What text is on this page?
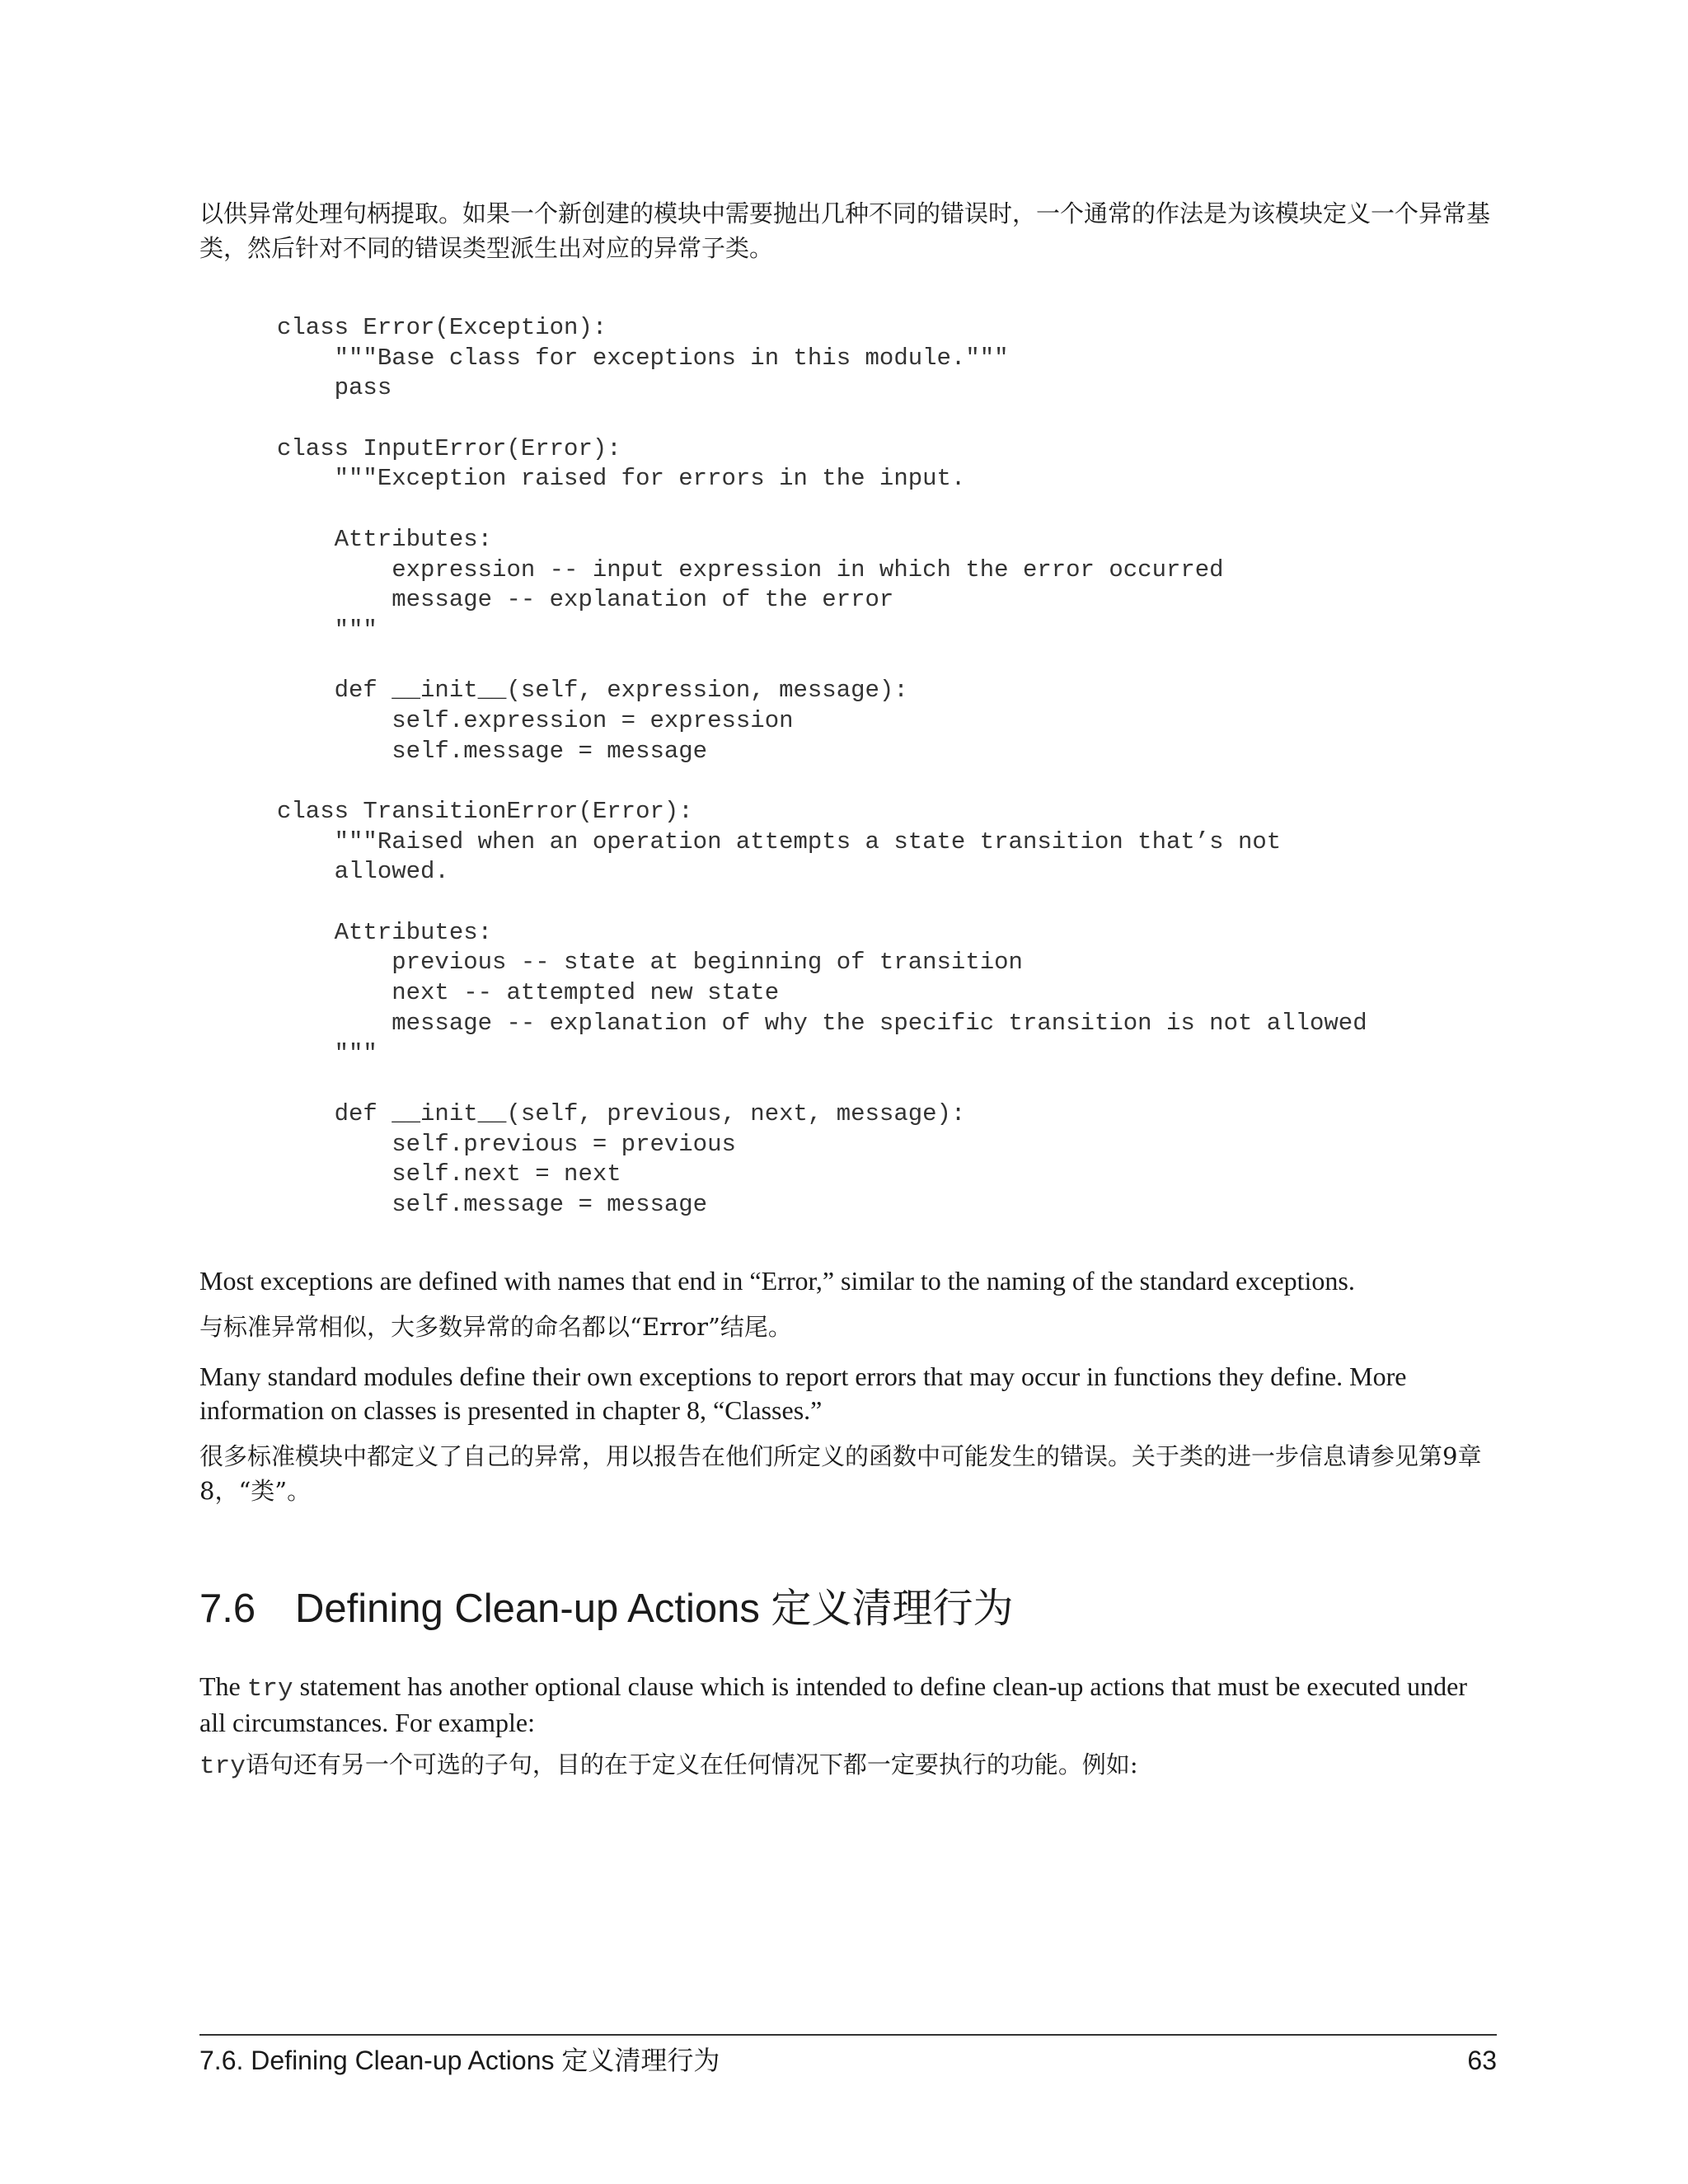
以供异常处理句柄提取。如果一个新创建的模块中需要抛出几种不同的错误时，一个通常的作法是为该模块定义一个异常基类，然后针对不同的错误类型派生出对应的异常子类。

class Error(Exception):
"""Base class for exceptions in this module."""
pass
class InputError(Error):
"""Exception raised for errors in the input.
Attributes:
expression -- input expression in which the error occurred
message -- explanation of the error
"""
def __init__(self, expression, message):
self.expression = expression
self.message = message
class TransitionError(Error):
"""Raised when an operation attempts a state transition that’s not
allowed.
Attributes:
previous -- state at beginning of transition
next -- attempted new state
message -- explanation of why the specific transition is not allowed
"""
def __init__(self, previous, next, message):
self.previous = previous
self.next = next
self.message = message

Most exceptions are defined with names that end in “Error,” similar to the naming of the standard exceptions.

与标准异常相似，大多数异常的命名都以“Error”结尾。

Many standard modules define their own exceptions to report errors that may occur in functions they define. More information on classes is presented in chapter 8, “Classes.”

很多标准模块中都定义了自己的异常，用以报告在他们所定义的函数中可能发生的错误。关于类的进一步信息请参见第9章8，“类”。

7.6 Defining Clean-up Actions 定义清理行为

The try statement has another optional clause which is intended to define clean-up actions that must be executed under all circumstances. For example:

try语句还有另一个可选的子句，目的在于定义在任何情况下都一定要执行的功能。例如:

7.6. Defining Clean-up Actions 定义清理行为	63
